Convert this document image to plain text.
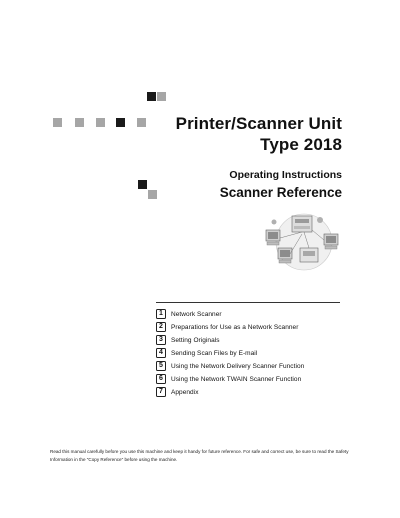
Printer/Scanner Unit
Type 2018
Operating Instructions
Scanner Reference
1	Network Scanner
2	Preparations for Use as a Network Scanner
3	Setting Originals
4	Sending Scan Files by E-mail
5	Using the Network Delivery Scanner Function
6	Using the Network TWAIN Scanner Function
7	Appendix
Read this manual carefully before you use this machine and keep it handy for future reference. For safe and correct use, be sure to read the Safety
Information in the "Copy Reference" before using the machine.
